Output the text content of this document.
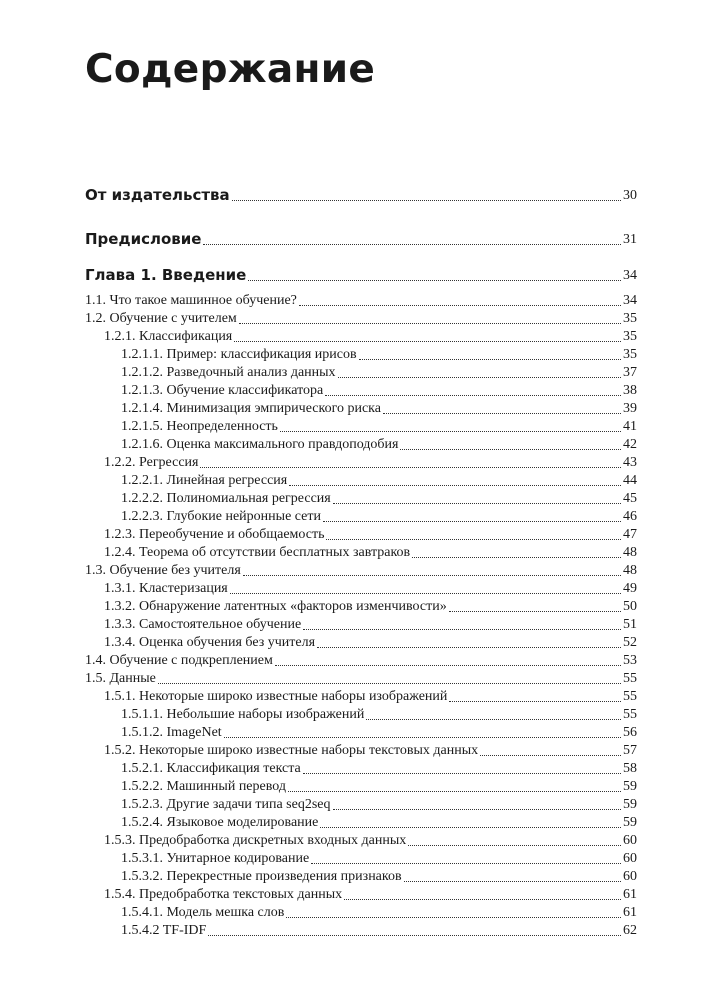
Содержание
От издательства	30
Предисловие	31
Глава 1. Введение	34
1.1. Что такое машинное обучение?	34
1.2. Обучение с учителем	35
1.2.1. Классификация	35
1.2.1.1. Пример: классификация ирисов	35
1.2.1.2. Разведочный анализ данных	37
1.2.1.3. Обучение классификатора	38
1.2.1.4. Минимизация эмпирического риска	39
1.2.1.5. Неопределенность	41
1.2.1.6. Оценка максимального правдоподобия	42
1.2.2. Регрессия	43
1.2.2.1. Линейная регрессия	44
1.2.2.2. Полиномиальная регрессия	45
1.2.2.3. Глубокие нейронные сети	46
1.2.3. Переобучение и обобщаемость	47
1.2.4. Теорема об отсутствии бесплатных завтраков	48
1.3. Обучение без учителя	48
1.3.1. Кластеризация	49
1.3.2. Обнаружение латентных «факторов изменчивости»	50
1.3.3. Самостоятельное обучение	51
1.3.4. Оценка обучения без учителя	52
1.4. Обучение с подкреплением	53
1.5. Данные	55
1.5.1. Некоторые широко известные наборы изображений	55
1.5.1.1. Небольшие наборы изображений	55
1.5.1.2. ImageNet	56
1.5.2. Некоторые широко известные наборы текстовых данных	57
1.5.2.1. Классификация текста	58
1.5.2.2. Машинный перевод	59
1.5.2.3. Другие задачи типа seq2seq	59
1.5.2.4. Языковое моделирование	59
1.5.3. Предобработка дискретных входных данных	60
1.5.3.1. Унитарное кодирование	60
1.5.3.2. Перекрестные произведения признаков	60
1.5.4. Предобработка текстовых данных	61
1.5.4.1. Модель мешка слов	61
1.5.4.2 TF-IDF	62
